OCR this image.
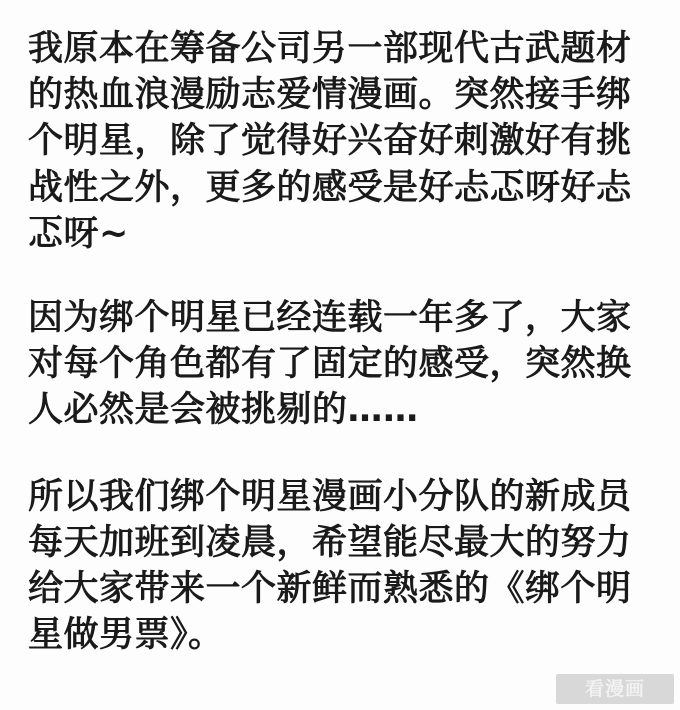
我原本在筹备公司另一部现代古武题材的热血浪漫励志爱情漫画。突然接手绑个明星，除了觉得好兴奋好刺激好有挑战性之外，更多的感受是好忐忑呀好忐忑呀~

因为绑个明星已经连载一年多了，大家对每个角色都有了固定的感受，突然换人必然是会被挑剔的……

所以我们绑个明星漫画小分队的新成员每天加班到凌晨，希望能尽最大的努力给大家带来一个新鲜而熟悉的《绑个明星做男票》。

看漫画
